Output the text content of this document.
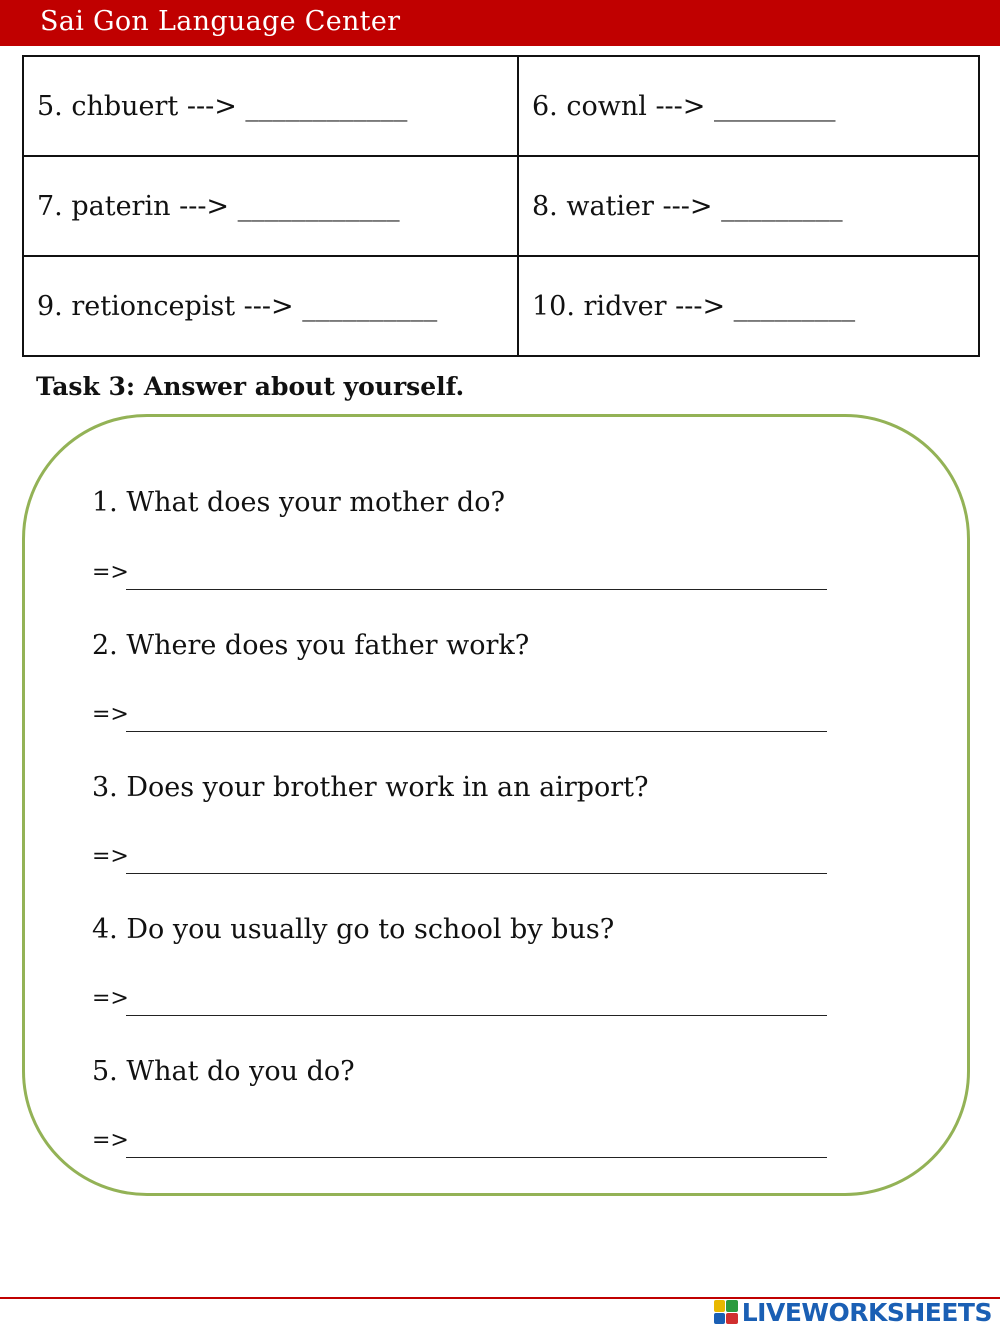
Sai Gon Language Center
5. chbuert ---> ____________	6. cownl ---> _________
7. paterin ---> ____________	8. watier ---> _________
9. retioncepist ---> __________	10. ridver ---> _________
Task 3: Answer about yourself.
1. What does your mother do?
=>
2. Where does you father work?
=>
3. Does your brother work in an airport?
=>
4. Do you usually go to school by bus?
=>
5. What do you do?
=>
LIVEWORKSHEETS
